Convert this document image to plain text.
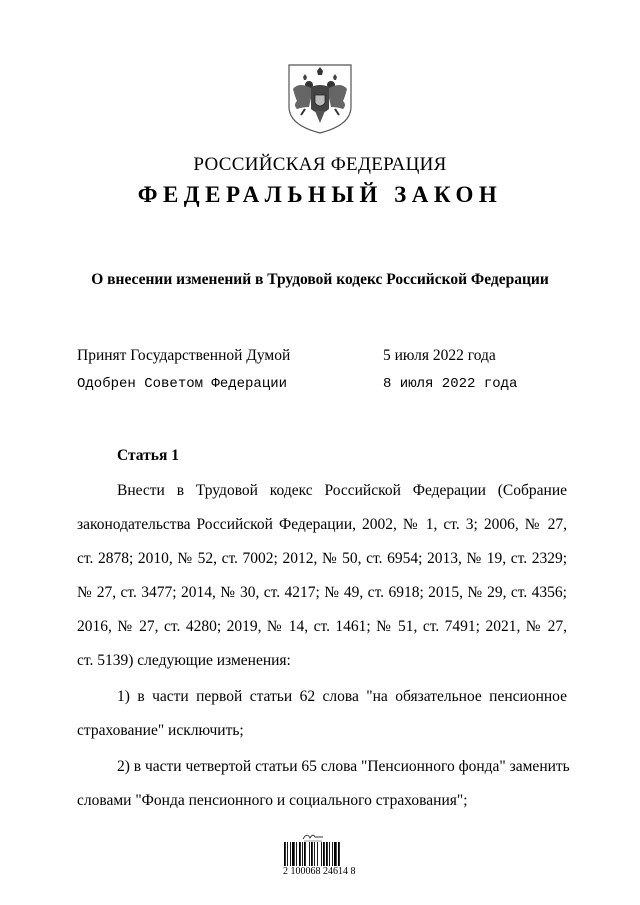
РОССИЙСКАЯ ФЕДЕРАЦИЯ
ФЕДЕРАЛЬНЫЙ ЗАКОН
О внесении изменений в Трудовой кодекс Российской Федерации
Принят Государственной Думой	5 июля 2022 года
Одобрен Советом Федерации	8 июля 2022 года
Статья 1
Внести в Трудовой кодекс Российской Федерации (Собрание
законодательства Российской Федерации, 2002, № 1, ст. 3; 2006, № 27,
ст. 2878; 2010, № 52, ст. 7002; 2012, № 50, ст. 6954; 2013, № 19, ст. 2329;
№ 27, ст. 3477; 2014, № 30, ст. 4217; № 49, ст. 6918; 2015, № 29, ст. 4356;
2016, № 27, ст. 4280; 2019, № 14, ст. 1461; № 51, ст. 7491; 2021, № 27,
ст. 5139) следующие изменения:
1) в части первой статьи 62 слова "на обязательное пенсионное
страхование" исключить;
2) в части четвертой статьи 65 слова "Пенсионного фонда" заменить
словами "Фонда пенсионного и социального страхования";
2 100068 24614 8
